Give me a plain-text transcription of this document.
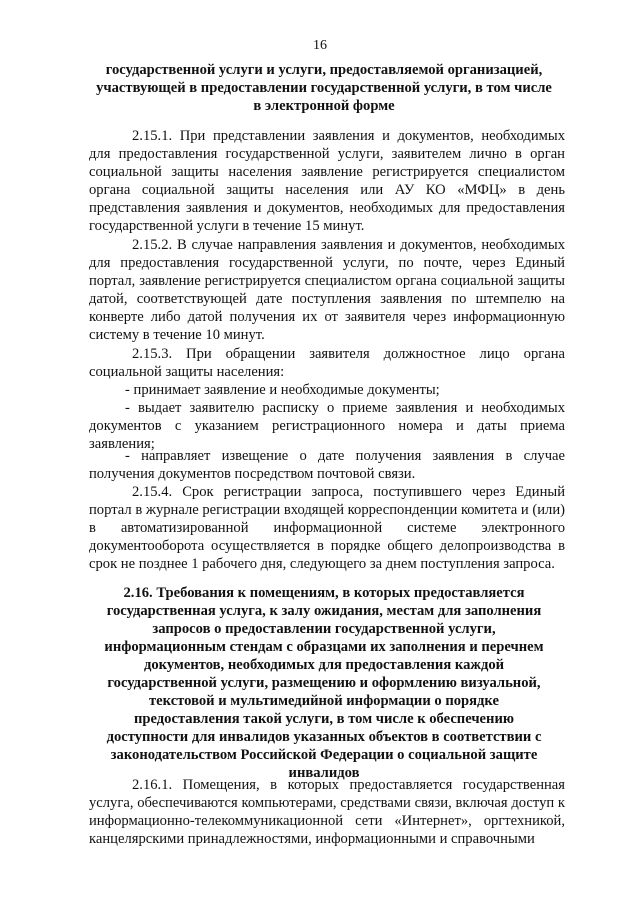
16
государственной услуги и услуги, предоставляемой организацией, участвующей в предоставлении государственной услуги, в том числе в электронной форме
2.15.1. При представлении заявления и документов, необходимых для предоставления государственной услуги, заявителем лично в орган социальной защиты населения заявление регистрируется специалистом органа социальной защиты населения или АУ КО «МФЦ» в день представления заявления и документов, необходимых для предоставления государственной услуги в течение 15 минут.
2.15.2. В случае направления заявления и документов, необходимых для предоставления государственной услуги, по почте, через Единый портал, заявление регистрируется специалистом органа социальной защиты датой, соответствующей дате поступления заявления по штемпелю на конверте либо датой получения их от заявителя через информационную систему в течение 10 минут.
2.15.3. При обращении заявителя должностное лицо органа социальной защиты населения:
- принимает заявление и необходимые документы;
- выдает заявителю расписку о приеме заявления и необходимых документов с указанием регистрационного номера и даты приема заявления;
- направляет извещение о дате получения заявления в случае получения документов посредством почтовой связи.
2.15.4. Срок регистрации запроса, поступившего через Единый портал в журнале регистрации входящей корреспонденции комитета и (или) в автоматизированной информационной системе электронного документооборота осуществляется в порядке общего делопроизводства в срок не позднее 1 рабочего дня, следующего за днем поступления запроса.
2.16. Требования к помещениям, в которых предоставляется государственная услуга, к залу ожидания, местам для заполнения запросов о предоставлении государственной услуги, информационным стендам с образцами их заполнения и перечнем документов, необходимых для предоставления каждой государственной услуги, размещению и оформлению визуальной, текстовой и мультимедийной информации о порядке предоставления такой услуги, в том числе к обеспечению доступности для инвалидов указанных объектов в соответствии с законодательством Российской Федерации о социальной защите инвалидов
2.16.1. Помещения, в которых предоставляется государственная услуга, обеспечиваются компьютерами, средствами связи, включая доступ к информационно-телекоммуникационной сети «Интернет», оргтехникой, канцелярскими принадлежностями, информационными и справочными
